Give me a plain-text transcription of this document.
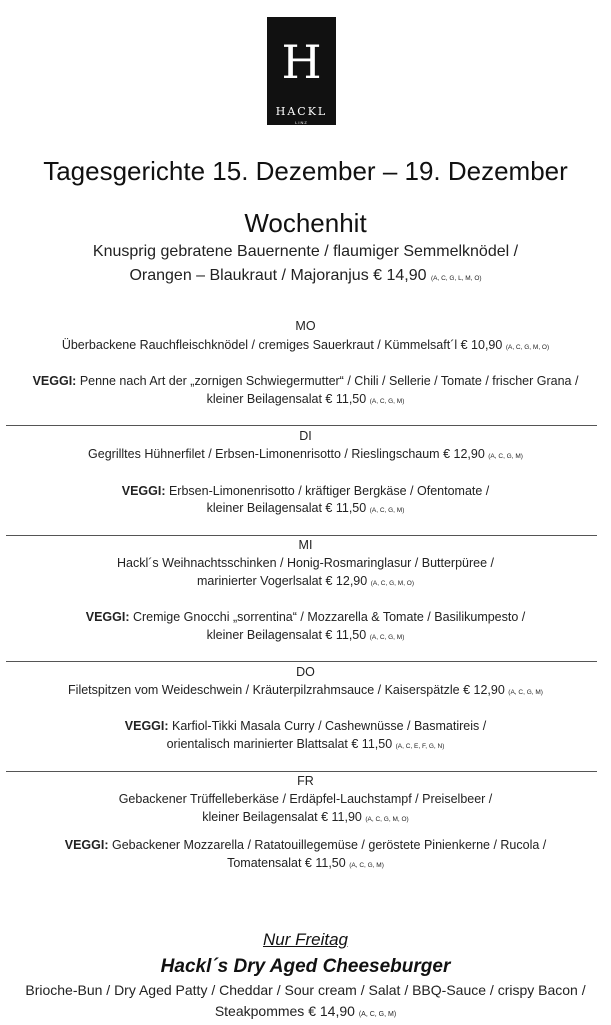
H
HACKL
LINZ
Tagesgerichte 15. Dezember – 19. Dezember
Wochenhit
Knusprig gebratene Bauernente / flaumiger Semmelknödel /
Orangen – Blaukraut / Majoranjus € 14,90 (A, C, G, L, M, O)
MO
Überbackene Rauchfleischknödel / cremiges Sauerkraut / Kümmelsaft´l € 10,90 (A, C, G, M, O)
VEGGI: Penne nach Art der „zornigen Schwiegermutter“ / Chili / Sellerie / Tomate / frischer Grana /
kleiner Beilagensalat € 11,50 (A, C, G, M)
DI
Gegrilltes Hühnerfilet / Erbsen-Limonenrisotto / Rieslingschaum € 12,90 (A, C, G, M)
VEGGI: Erbsen-Limonenrisotto / kräftiger Bergkäse / Ofentomate /
kleiner Beilagensalat € 11,50 (A, C, G, M)
MI
Hackl´s Weihnachtsschinken / Honig-Rosmaringlasur / Butterpüree /
marinierter Vogerlsalat € 12,90 (A, C, G, M, O)
VEGGI: Cremige Gnocchi „sorrentina“ / Mozzarella & Tomate / Basilikumpesto /
kleiner Beilagensalat € 11,50 (A, C, G, M)
DO
Filetspitzen vom Weideschwein / Kräuterpilzrahmsauce / Kaiserspätzle € 12,90 (A, C, G, M)
VEGGI: Karfiol-Tikki Masala Curry / Cashewnüsse / Basmatireis /
orientalisch marinierter Blattsalat € 11,50 (A, C, E, F, G, N)
FR
Gebackener Trüffelleberkäse / Erdäpfel-Lauchstampf / Preiselbeer /
kleiner Beilagensalat € 11,90 (A, C, G, M, O)
VEGGI: Gebackener Mozzarella / Ratatouillegemüse / geröstete Pinienkerne / Rucola /
Tomatensalat € 11,50 (A, C, G, M)
Nur Freitag
Hackl´s Dry Aged Cheeseburger
Brioche-Bun / Dry Aged Patty / Cheddar / Sour cream / Salat / BBQ-Sauce / crispy Bacon /
Steakpommes € 14,90 (A, C, G, M)
